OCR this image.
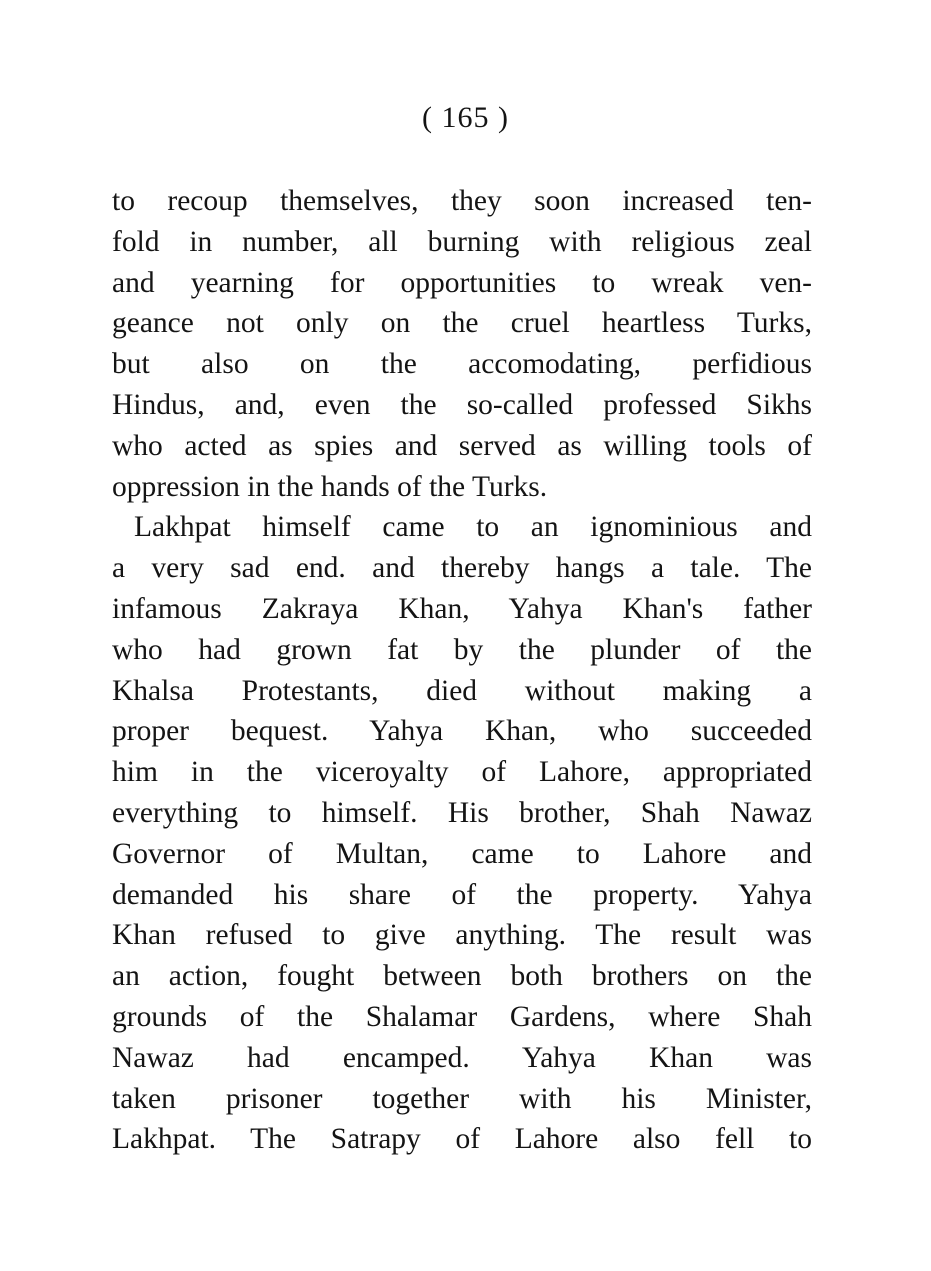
( 165 )
to recoup themselves, they soon increased ten-
fold in number, all burning with religious zeal
and yearning for opportunities to wreak ven-
geance not only on the cruel heartless Turks,
but also on the accomodating, perfidious
Hindus, and, even the so-called professed Sikhs
who acted as spies and served as willing tools of
oppression in the hands of the Turks.
Lakhpat himself came to an ignominious and
a very sad end. and thereby hangs a tale. The
infamous Zakraya Khan, Yahya Khan's father
who had grown fat by the plunder of the
Khalsa Protestants, died without making a
proper bequest. Yahya Khan, who succeeded
him in the viceroyalty of Lahore, appropriated
everything to himself. His brother, Shah Nawaz
Governor of Multan, came to Lahore and
demanded his share of the property. Yahya
Khan refused to give anything. The result was
an action, fought between both brothers on the
grounds of the Shalamar Gardens, where Shah
Nawaz had encamped. Yahya Khan was
taken prisoner together with his Minister,
Lakhpat. The Satrapy of Lahore also fell to
